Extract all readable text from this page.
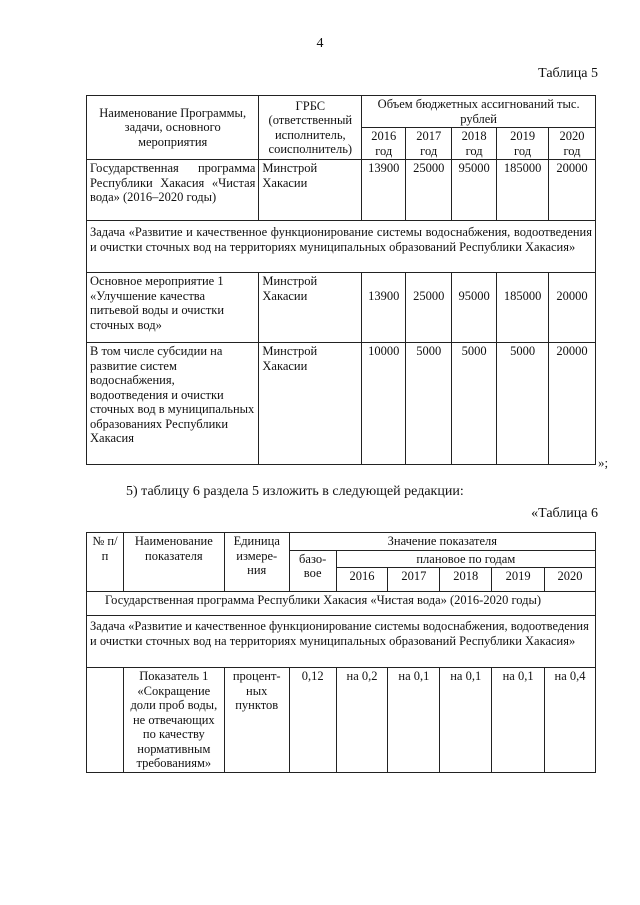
4
Таблица 5
Наименование Программы, задачи, основного мероприятия	ГРБС (ответственный исполнитель, соисполнитель)	Объем бюджетных ассигнований тыс. рублей				
		2016 год	2017 год	2018 год	2019 год	2020 год
Государственная программа Республики Хакасия «Чистая вода» (2016–2020 годы)	Минстрой Хакасии	13900	25000	95000	185000	20000
Задача «Развитие и качественное функционирование системы водоснабжения, водоотведения и очистки сточных вод на территориях муниципальных образований Республики Хакасия»						
Основное мероприятие 1 «Улучшение качества питьевой воды и очистки сточных вод»	Минстрой Хакасии	13900	25000	95000	185000	20000
В том числе субсидии на развитие систем водоснабжения, водоотведения и очистки сточных вод в муниципальных образованиях Республики Хакасия	Минстрой Хакасии	10000	5000	5000	5000	20000
»;
5) таблицу 6 раздела 5 изложить в следующей редакции:
«Таблица 6
№ п/п	Наименование показателя	Единица измере-ния	Значение показателя					
			базо-вое	плановое по годам				
				2016	2017	2018	2019	2020
Государственная программа Республики Хакасия «Чистая вода» (2016-2020 годы)								
Задача «Развитие и качественное функционирование системы водоснабжения, водоотведения и очистки сточных вод на территориях муниципальных образований Республики Хакасия»								
	Показатель 1 «Сокращение доли проб воды, не отвечающих по качеству нормативным требованиям»	процент-ных пунктов	0,12	на 0,2	на 0,1	на 0,1	на 0,1	на 0,4
